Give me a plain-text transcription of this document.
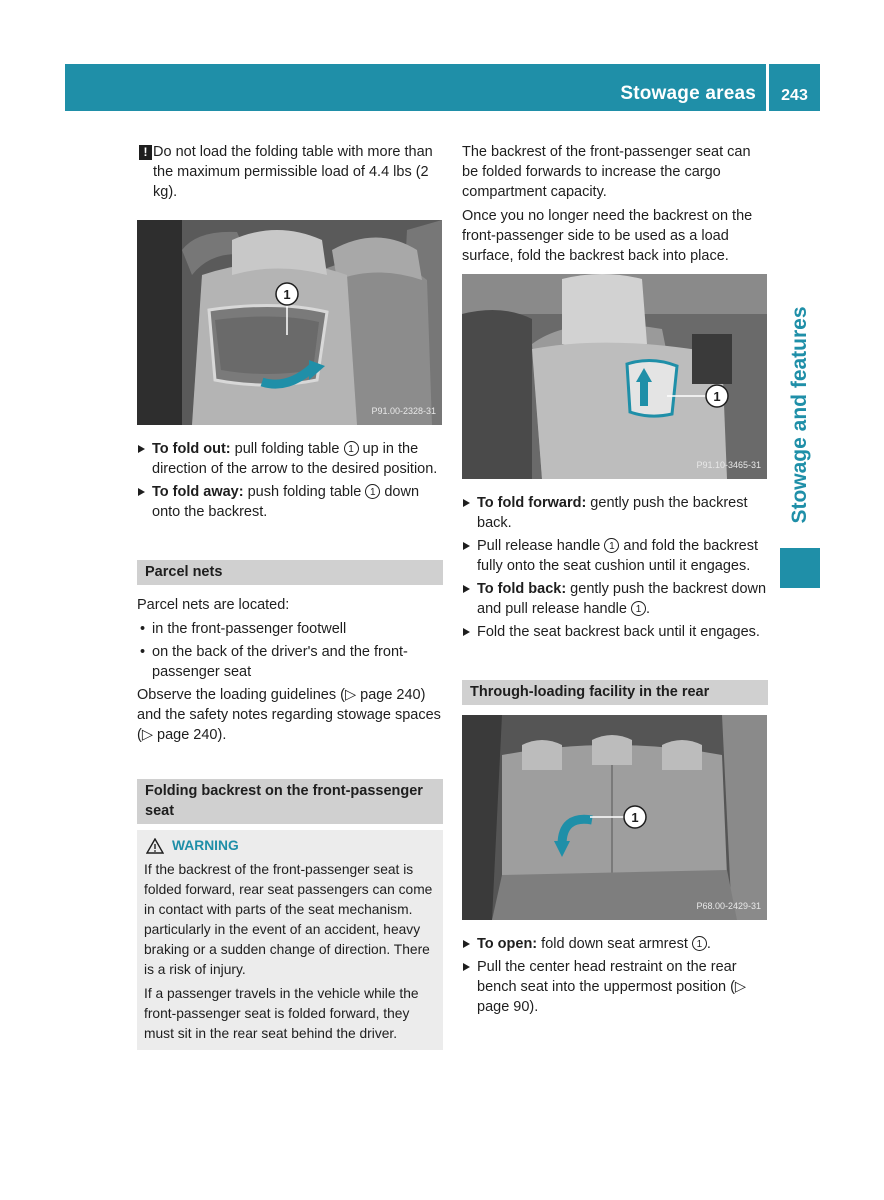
Stowage areas	243
Stowage and features

! Do not load the folding table with more than the maximum permissible load of 4.4 lbs (2 kg).

1
P91.00-2328-31

To fold out: pull folding table 1 up in the direction of the arrow to the desired position.

To fold away: push folding table 1 down onto the backrest.

Parcel nets

Parcel nets are located:

• in the front-passenger footwell

• on the back of the driver's and the front-passenger seat

Observe the loading guidelines (▷ page 240) and the safety notes regarding stowage spaces (▷ page 240).

Folding backrest on the front-passenger seat
WARNING

If the backrest of the front-passenger seat is folded forward, rear seat passengers can come in contact with parts of the seat mechanism. particularly in the event of an accident, heavy braking or a sudden change of direction. There is a risk of injury.

If a passenger travels in the vehicle while the front-passenger seat is folded forward, they must sit in the rear seat behind the driver.

The backrest of the front-passenger seat can be folded forwards to increase the cargo compartment capacity.

Once you no longer need the backrest on the front-passenger side to be used as a load surface, fold the backrest back into place.

1
P91.10-3465-31

To fold forward: gently push the backrest back.

Pull release handle 1 and fold the backrest fully onto the seat cushion until it engages.

To fold back: gently push the backrest down and pull release handle 1 .

Fold the seat backrest back until it engages.

Through-loading facility in the rear
1
P68.00-2429-31

To open: fold down seat armrest 1 .

Pull the center head restraint on the rear bench seat into the uppermost position (▷ page 90).
